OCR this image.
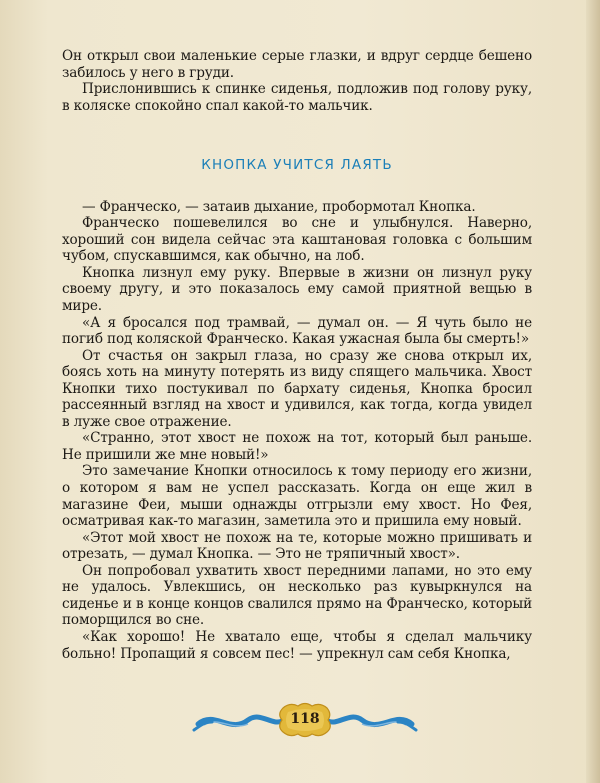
Он открыл свои маленькие серые глазки, и вдруг сердце бешено забилось у него в груди.

Прислонившись к спинке сиденья, подложив под голову руку, в коляске спокойно спал какой-то мальчик.

КНОПКА УЧИТСЯ ЛАЯТЬ

— Франческо, — затаив дыхание, пробормотал Кнопка.

Франческо пошевелился во сне и улыбнулся. Наверно, хороший сон видела сейчас эта каштановая головка с большим чубом, спускавшимся, как обычно, на лоб.

Кнопка лизнул ему руку. Впервые в жизни он лизнул руку своему другу, и это показалось ему самой приятной вещью в мире.

«А я бросался под трамвай, — думал он. — Я чуть было не погиб под коляской Франческо. Какая ужасная была бы смерть!»

От счастья он закрыл глаза, но сразу же снова открыл их, боясь хоть на минуту потерять из виду спящего мальчика. Хвост Кнопки тихо постукивал по бархату сиденья, Кнопка бросил рассеянный взгляд на хвост и удивился, как тогда, когда увидел в луже свое отражение.

«Странно, этот хвост не похож на тот, который был раньше. Не пришили же мне новый!»

Это замечание Кнопки относилось к тому периоду его жизни, о котором я вам не успел рассказать. Когда он еще жил в магазине Феи, мыши однажды отгрызли ему хвост. Но Фея, осматривая как-то магазин, заметила это и пришила ему новый.

«Этот мой хвост не похож на те, которые можно пришивать и отрезать, — думал Кнопка. — Это не тряпичный хвост».

Он попробовал ухватить хвост передними лапами, но это ему не удалось. Увлекшись, он несколько раз кувыркнулся на сиденье и в конце концов свалился прямо на Франческо, который поморщился во сне.

«Как хорошо! Не хватало еще, чтобы я сделал мальчику больно! Пропащий я совсем пес! — упрекнул сам себя Кнопка,

118
